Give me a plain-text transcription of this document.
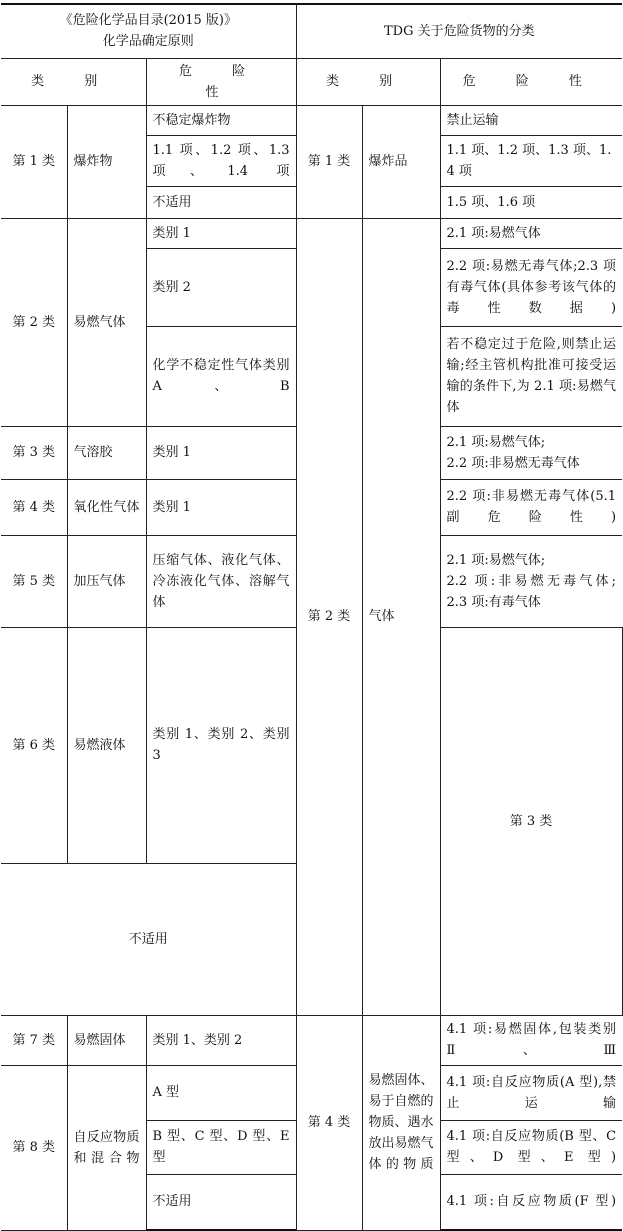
《危险化学品目录(2015 版)》
化学品确定原则			TDG 关于危险货物的分类			
类 别		危 险 性	类 别		危 险 性	
第 1 类	爆炸物	不稳定爆炸物	第 1 类	爆炸品	禁止运输	
		1.1 项、1.2 项、1.3 项、1.4 项			1.1 项、1.2 项、1.3 项、1.4 项	
		不适用			1.5 项、1.6 项	
第 2 类	易燃气体	类别 1	第 2 类	气体	2.1 项:易燃气体	
		类别 2			2.2 项:易燃无毒气体;2.3 项有毒气体(具体参考该气体的毒性数据)	
		化学不稳定性气体类别 A、B			若不稳定过于危险,则禁止运输;经主管机构批准可接受运输的条件下,为 2.1 项:易燃气体	
第 3 类	气溶胶	类别 1			2.1 项:易燃气体;
2.2 项:非易燃无毒气体	

第 4 类	氧化性气体	类别 1			2.2 项:非易燃无毒气体(5.1 副危险性)	
第 5 类	加压气体	压缩气体、液化气体、冷冻液化气体、溶解气体			2.1 项:易燃气体;
2.2 项:非易燃无毒气体;
2.3 项:有毒气体	

第 6 类	易燃液体	类别 1、类别 2、类别 3			第 3 类		
不适用	
第 7 类	易燃固体	类别 1、类别 2	第 4 类	易燃固体、易于自燃的物质、遇水放出易燃气体的物质	4.1 项:易燃固体,包装类别Ⅱ、Ⅲ	
第 8 类	自反应物质和混合物	A 型			4.1 项:自反应物质(A 型),禁止运输	
		B 型、C 型、D 型、E 型			4.1 项:自反应物质(B 型、C 型、D 型、E 型)	
		不适用			4.1 项:自反应物质(F 型)	
